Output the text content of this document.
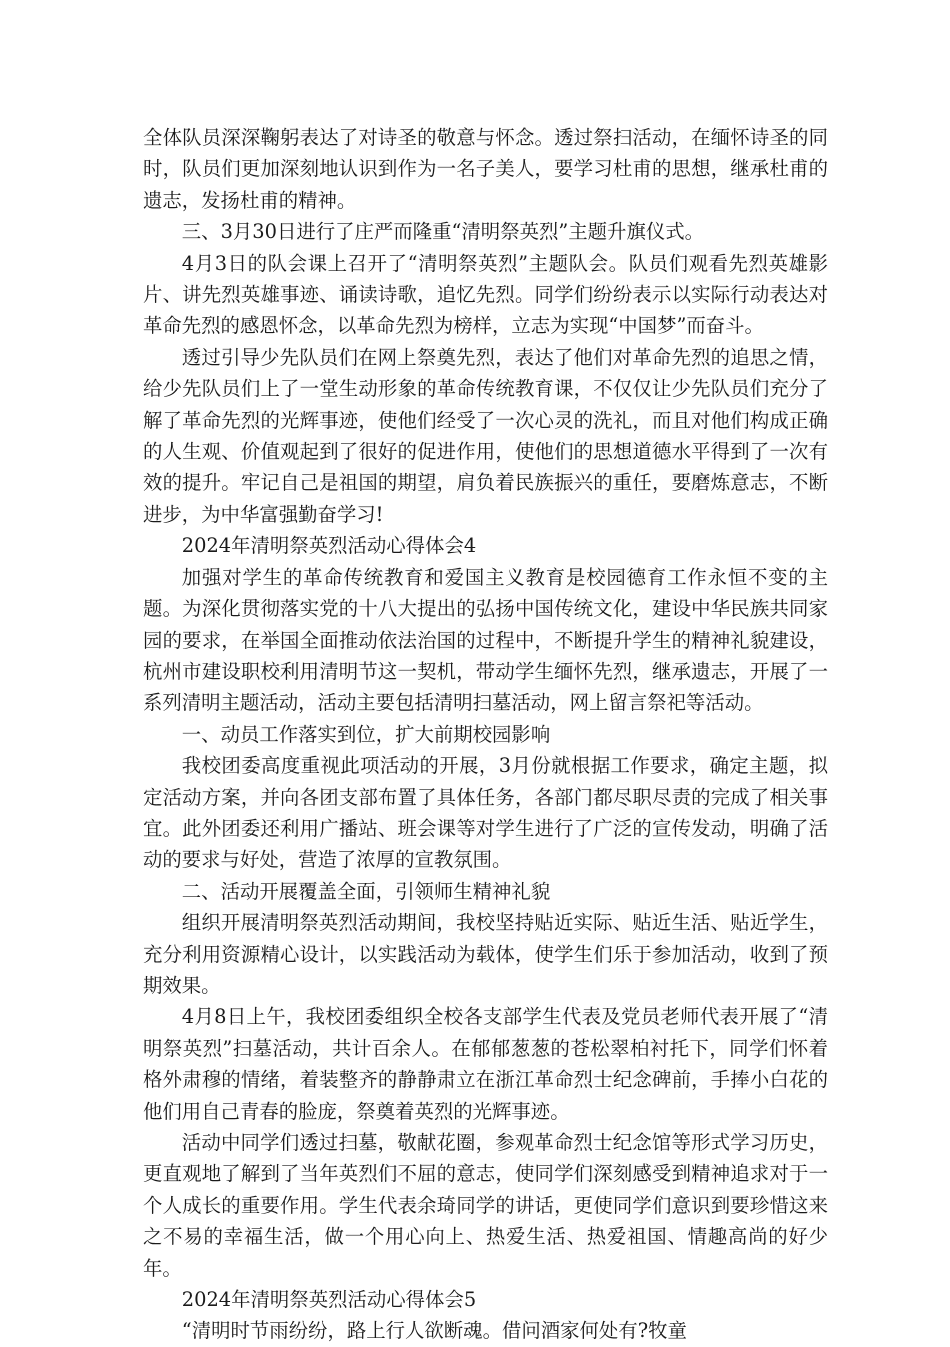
全体队员深深鞠躬表达了对诗圣的敬意与怀念。透过祭扫活动，在缅怀诗圣的同时，队员们更加深刻地认识到作为一名子美人，要学习杜甫的思想，继承杜甫的遗志，发扬杜甫的精神。

三、3月30日进行了庄严而隆重“清明祭英烈”主题升旗仪式。

4月3日的队会课上召开了“清明祭英烈”主题队会。队员们观看先烈英雄影片、讲先烈英雄事迹、诵读诗歌，追忆先烈。同学们纷纷表示以实际行动表达对革命先烈的感恩怀念，以革命先烈为榜样，立志为实现“中国梦”而奋斗。

透过引导少先队员们在网上祭奠先烈，表达了他们对革命先烈的追思之情，给少先队员们上了一堂生动形象的革命传统教育课，不仅仅让少先队员们充分了解了革命先烈的光辉事迹，使他们经受了一次心灵的洗礼，而且对他们构成正确的人生观、价值观起到了很好的促进作用，使他们的思想道德水平得到了一次有效的提升。牢记自己是祖国的期望，肩负着民族振兴的重任，要磨炼意志，不断进步，为中华富强勤奋学习!

2024年清明祭英烈活动心得体会4

加强对学生的革命传统教育和爱国主义教育是校园德育工作永恒不变的主题。为深化贯彻落实党的十八大提出的弘扬中国传统文化，建设中华民族共同家园的要求，在举国全面推动依法治国的过程中，不断提升学生的精神礼貌建设，杭州市建设职校利用清明节这一契机，带动学生缅怀先烈，继承遗志，开展了一系列清明主题活动，活动主要包括清明扫墓活动，网上留言祭祀等活动。

一、动员工作落实到位，扩大前期校园影响

我校团委高度重视此项活动的开展，3月份就根据工作要求，确定主题，拟定活动方案，并向各团支部布置了具体任务，各部门都尽职尽责的完成了相关事宜。此外团委还利用广播站、班会课等对学生进行了广泛的宣传发动，明确了活动的要求与好处，营造了浓厚的宣教氛围。

二、活动开展覆盖全面，引领师生精神礼貌

组织开展清明祭英烈活动期间，我校坚持贴近实际、贴近生活、贴近学生，充分利用资源精心设计，以实践活动为载体，使学生们乐于参加活动，收到了预期效果。

4月8日上午，我校团委组织全校各支部学生代表及党员老师代表开展了“清明祭英烈”扫墓活动，共计百余人。在郁郁葱葱的苍松翠柏衬托下，同学们怀着格外肃穆的情绪，着装整齐的静静肃立在浙江革命烈士纪念碑前，手捧小白花的他们用自己青春的脸庞，祭奠着英烈的光辉事迹。

活动中同学们透过扫墓，敬献花圈，参观革命烈士纪念馆等形式学习历史，更直观地了解到了当年英烈们不屈的意志，使同学们深刻感受到精神追求对于一个人成长的重要作用。学生代表余琦同学的讲话，更使同学们意识到要珍惜这来之不易的幸福生活，做一个用心向上、热爱生活、热爱祖国、情趣高尚的好少年。

2024年清明祭英烈活动心得体会5

“清明时节雨纷纷，路上行人欲断魂。借问酒家何处有?牧童
